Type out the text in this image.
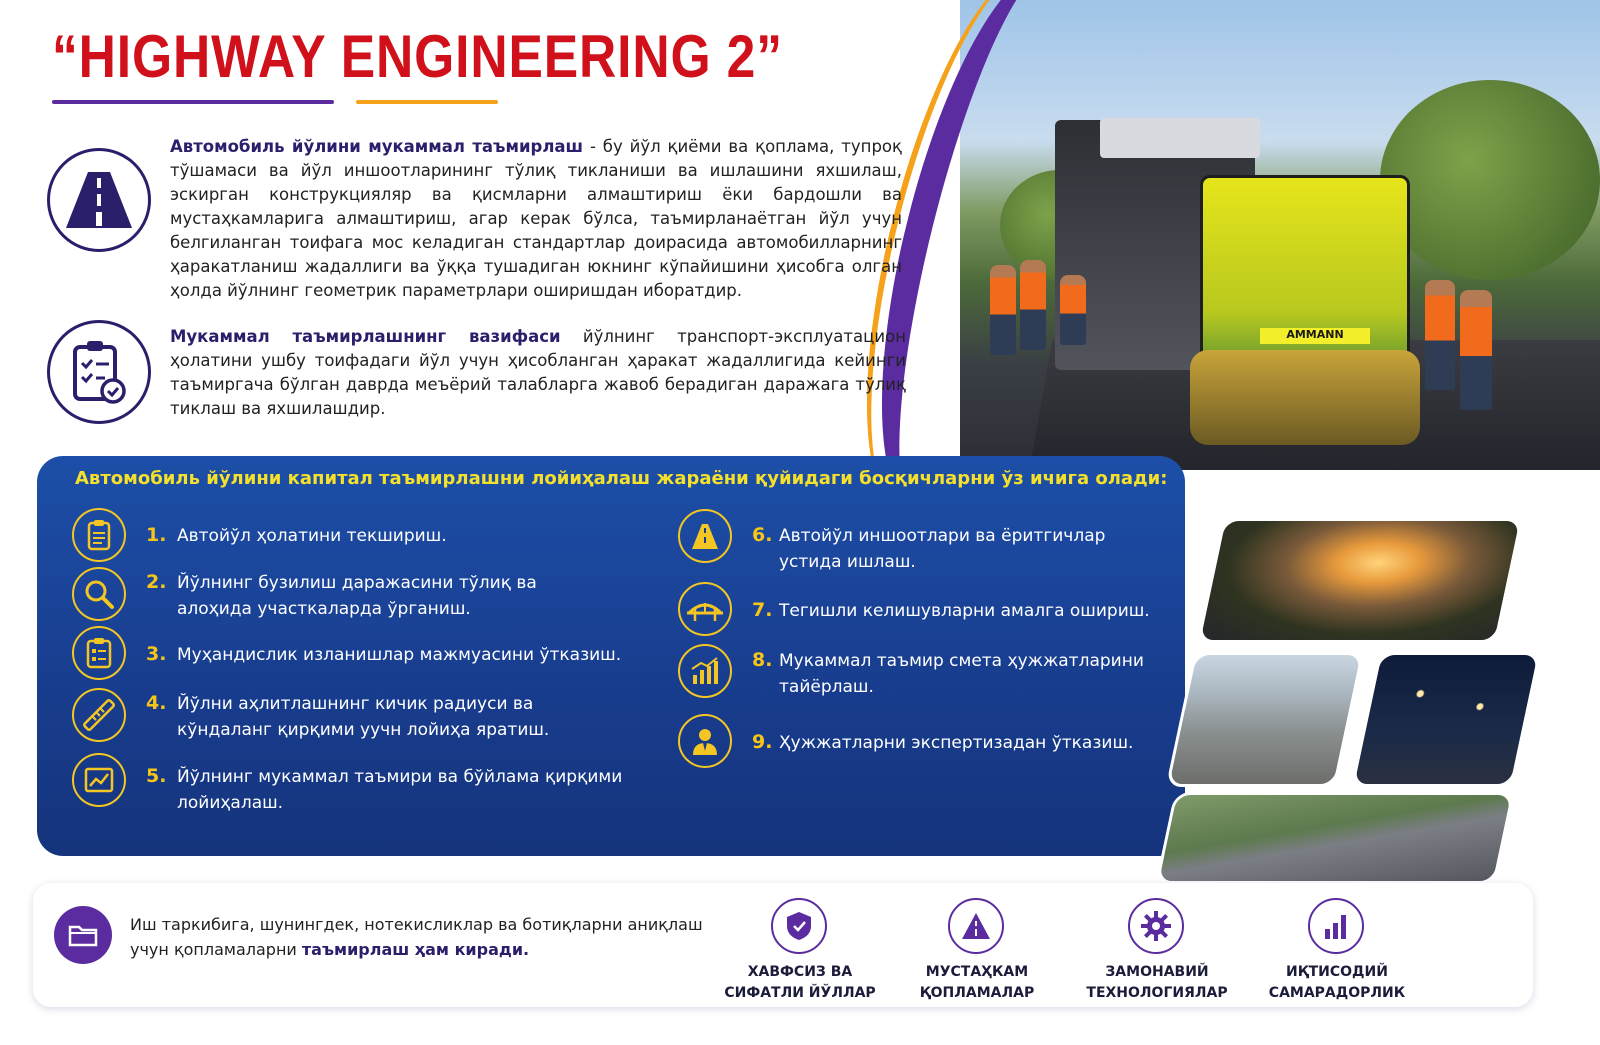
AMMANN
“HIGHWAY ENGINEERING 2”
Автомобиль йўлини мукаммал таъмирлаш - бу йўл қиёми ва қоплама, тупроқ тўшамаси ва йўл иншоотларининг тўлиқ тикланиши ва ишлашини яхшилаш, эскирган конструкцияляр ва қисмларни алмаштириш ёки бардошли ва мустаҳкамларига алмаштириш, агар керак бўлса, таъмирланаётган йўл учун белгиланган тоифага мос келадиган стандартлар доирасида автомобилларнинг ҳаракатланиш жадаллиги ва ўққа тушадиган юкнинг кўпайишини ҳисобга олган ҳолда йўлнинг геометрик параметрлари оширишдан иборатдир.
Мукаммал таъмирлашнинг вазифаси йўлнинг транспорт-эксплуатацион ҳолатини ушбу тоифадаги йўл учун ҳисобланган ҳаракат жадаллигида кейинги таъмиргача бўлган даврда меъёрий талабларга жавоб берадиган даражага тўлиқ тиклаш ва яхшилашдир.
Автомобиль йўлини капитал таъмирлашни лойиҳалаш жараёни қуйидаги босқичларни ўз ичига олади:
1. Автойўл ҳолатини текшириш.
2. Йўлнинг бузилиш даражасини тўлиқ ва алоҳида участкаларда ўрганиш.
3. Муҳандислик изланишлар мажмуасини ўтказиш.
4. Йўлни аҳлитлашнинг кичик радиуси ва кўндаланг қирқими уучн лойиҳа яратиш.
5. Йўлнинг мукаммал таъмири ва бўйлама қирқими лойиҳалаш.
6. Автойўл иншоотлари ва ёритгичлар устида ишлаш.
7. Тегишли келишувларни амалга ошириш.
8. Мукаммал таъмир смета ҳужжатларини тайёрлаш.
9. Ҳужжатларни экспертизадан ўтказиш.
Иш таркибига, шунингдек, нотекисликлар ва ботиқларни аниқлаш учун қопламаларни таъмирлаш ҳам киради.
ХАВФСИЗ ВА
СИФАТЛИ ЙЎЛЛАР
МУСТАҲКАМ
ҚОПЛАМАЛАР
ЗАМОНАВИЙ
ТЕХНОЛОГИЯЛАР
ИҚТИСОДИЙ
САМАРАДОРЛИК
